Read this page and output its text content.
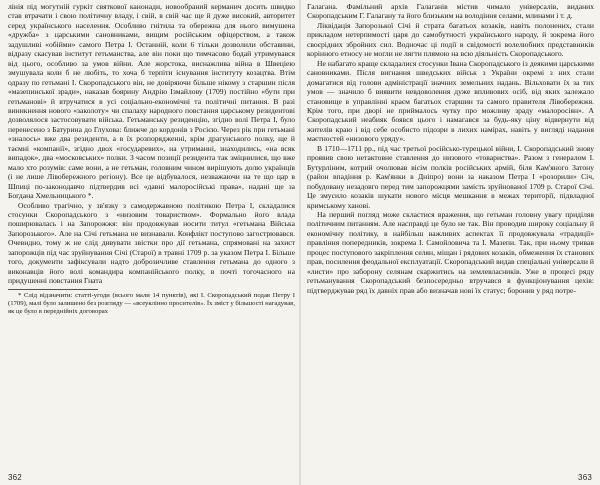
лінія під могутній гуркіт святкової канонади, новообраний керманич досить швидко став втрачати і свою політичну владу, і свій, в свій час ще й дуже високий, авторитет серед українського населення. Особливо гнітила та обережна для нього вимушена «дружба» з царськими сановниками, вищим російським офіцерством, а також задушливі «обійми» самого Петра I. Останній, коли 6 тільки дозволили обставини, відразу скасував інститут гетьманства, але він поки що тимчасово бодай утримувався від цього, особливо за умов війни. Але жорстока, виснажлива війна в Швеціею змушувала коли б не любіть, то хоча б терпіти існування інституту козацтва. Втім одразу по гетьмані І. Скоропадського він, не довіряючи більше нікому з старшин після «мазепинської зради», наказав боярину Андрію Ізмайлову (1709) постійно «бути при гетьманові» й втручатися в усі соціально-економічні та політичні питання. В разі виникнення нового «заколоту» чи спалаху народного повстання царському резидентові дозволялося застосовувати війська. Гетьманську резиденцію, згідно волі Петра І, було перенесено з Батурина до Глухова: ближче до кордонів з Росією. Через рік при гетьмані «зналось» вже два резиденти, а в їх розпорядженні, крім драгунського полку, ще й таємні «компанії», згідно двох «государевих», на утриманні, знаходились, «на всяк випадок», два «московських» полки. З часом позиції резидента так зміцнилися, що вже мало хто розумів: саме вони, а не гетьман, головним чином вирішують долю українців (і не лише Лівобережного регіону). Все це відбувалося, незважаючи на те що цар в Шпиці по-законодавчо підтвердив всі «давні малоросійські права», надані ще за Богдана Хмельницького *.

Особливо трагічно, у зв'язку з самодержавною політикою Петра I, складалися стосунки Скоропадського з «низовим товариством». Формально його влада поширювалась і на Запорожжя: він продовжував носити титул «гетьмана Війська Запорозького». Але на Січі гетьмана не визнавали. Конфлікт поступово загострювався. Очевидно, тому ж не слід дивувати звістки про дії гетьмана, спрямовані на захист запорожців під час зруйнування Січі (Старої) в травні 1709 р. за указом Петра І. Більше того, документи зафіксували надто доброзичливе ставлення гетьмана до одного з виконавців його волі командира компанійського полку, в почті тогочасного на придушенні повстання Гната

* Слід відзначити: статті-угоди (всього мали 14 пунктів), які І. Скоропадський подав Петру І (1709), малі було залишено без розгляду — «всеуклінно просителів». Їх зміст у більшості нагадував, як це було в переднійніх договорах

362

Галагана. Фамільний архів Галаганів містив чимало універсалів, виданих Скоропадським Г. Галагану та його близьким на володіння селами, млинами і т. д.

Ліквідація Запорозької Січі й страта багатьох козаків, навіть полонених, стали прикладом нетерпимості царя до самобутності українського народу, й зокрема його своєрідних збройних сил. Водночас ці події в свідомості волелюбних представників корінного етносу не могли не лягти плямою на всю діяльність Скоропадського.

Не набагато краще складалися стосунки Івана Скоропадського із деякими царськими сановниками. Після вигнання шведських військ з України окремі з них стали домагатися від голови адміністрації значних земельних надань. Вільховати їх за тих умов — значило б виявити невдоволення дуже впливових осіб, від яких залежало становище в управлінні краєм багатьох старшин та самого правителя Лівобережжя. Крім того, при дворі не приймалось чутку про можливу зраду «малоросіян». А Скоропадський неабияк боявся цього і намагався за будь-яку ціну відвернути від жителів краю і від себе особисто підозри в лихих намірах, навіть у вигляді надання маєтностей «низового уряду».

В 1710—1711 рр., під час третьої російсько-турецької війни, І. Скоропадський знову проявив свою нетактовне ставлення до низового «товариства». Разом з генералом І. Бутурліним, котрий очолював вісім полків російських армій, біля Кам'яного Затону (район впадіння р. Кам'янки в Дніпро) вони за наказом Петра І «розорили» Січ, побудовану незадовго перед тим запорожцями замість зруйнованої 1709 р. Старої Січі. Це змусило козаків шукати нового місця мешкання в межах території, підвладної кримському ханові.

На перший погляд може скластися враження, що гетьман головну увагу приділяв політичним питанням. Але насправді це було не так. Він проводив широку соціальну й економічну політику, в найбільш важливих аспектах її продовжувала «традиції» правління попередників, зокрема І. Самойловича та І. Мазепи. Так, при ньому тривав процес поступового закріплення селян, міщан і рядових козаків, обмеження їх станових прав, посилення феодальної експлуатації. Скоропадський видав спеціальні універсали й «листи» про заборону селянам скаржитись на землевласників. Уже в процесі ряду гетьманування Скоропадський безпосередньо втручався в функціонування цехів: підтверджував ряд їх давніх прав або визначав нові їх статус; боронив у ряд потре-

363
